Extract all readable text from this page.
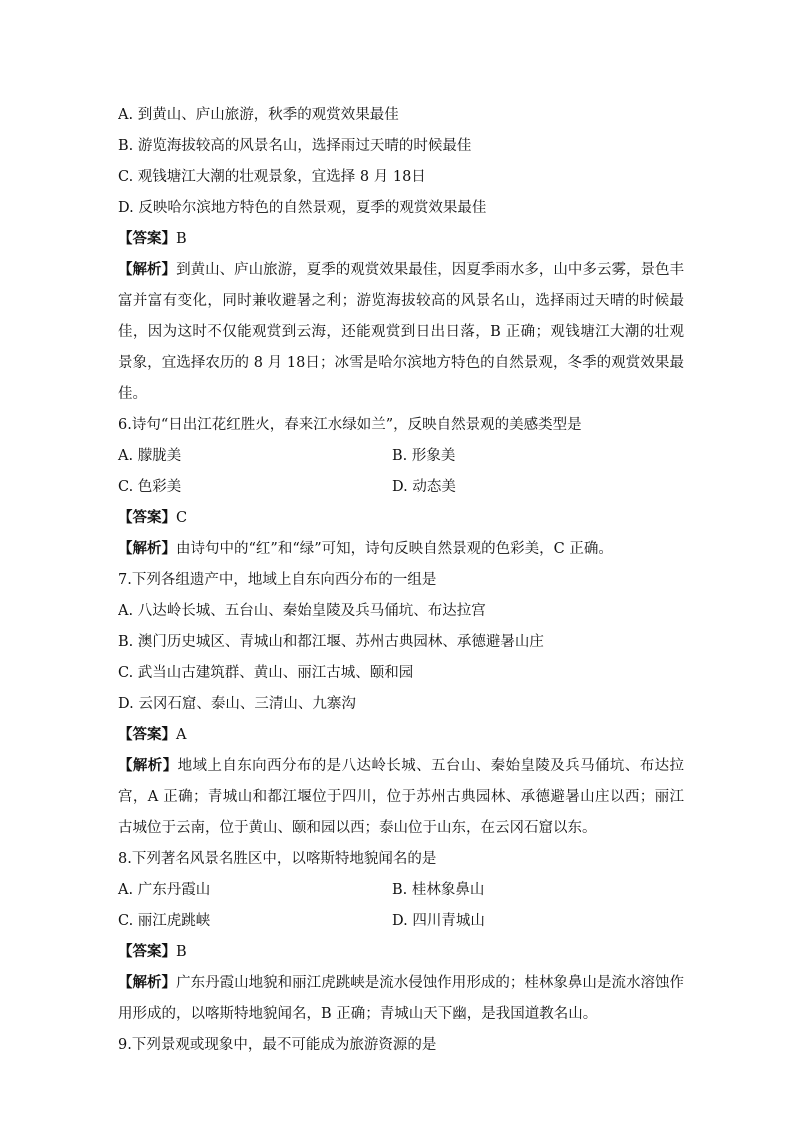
A. 到黄山、庐山旅游，秋季的观赏效果最佳
B. 游览海拔较高的风景名山，选择雨过天晴的时候最佳
C. 观钱塘江大潮的壮观景象，宜选择 8 月 18日
D. 反映哈尔滨地方特色的自然景观，夏季的观赏效果最佳
【答案】B

【解析】到黄山、庐山旅游，夏季的观赏效果最佳，因夏季雨水多，山中多云雾，景色丰富并富有变化，同时兼收避暑之利；游览海拔较高的风景名山，选择雨过天晴的时候最佳，因为这时不仅能观赏到云海，还能观赏到日出日落，B 正确；观钱塘江大潮的壮观景象，宜选择农历的 8 月 18日；冰雪是哈尔滨地方特色的自然景观，冬季的观赏效果最佳。

6.诗句“日出江花红胜火，春来江水绿如兰”，反映自然景观的美感类型是
A. 朦胧美	B. 形象美
C. 色彩美	D. 动态美
【答案】C

【解析】由诗句中的“红”和“绿”可知，诗句反映自然景观的色彩美，C 正确。

7.下列各组遗产中，地域上自东向西分布的一组是
A. 八达岭长城、五台山、秦始皇陵及兵马俑坑、布达拉宫
B. 澳门历史城区、青城山和都江堰、苏州古典园林、承德避暑山庄
C. 武当山古建筑群、黄山、丽江古城、颐和园
D. 云冈石窟、泰山、三清山、九寨沟
【答案】A

【解析】地域上自东向西分布的是八达岭长城、五台山、秦始皇陵及兵马俑坑、布达拉宫，A 正确；青城山和都江堰位于四川，位于苏州古典园林、承德避暑山庄以西；丽江古城位于云南，位于黄山、颐和园以西；泰山位于山东，在云冈石窟以东。

8.下列著名风景名胜区中，以喀斯特地貌闻名的是
A. 广东丹霞山	B. 桂林象鼻山
C. 丽江虎跳峡	D. 四川青城山
【答案】B

【解析】广东丹霞山地貌和丽江虎跳峡是流水侵蚀作用形成的；桂林象鼻山是流水溶蚀作用形成的，以喀斯特地貌闻名，B 正确；青城山天下幽，是我国道教名山。

9.下列景观或现象中，最不可能成为旅游资源的是
